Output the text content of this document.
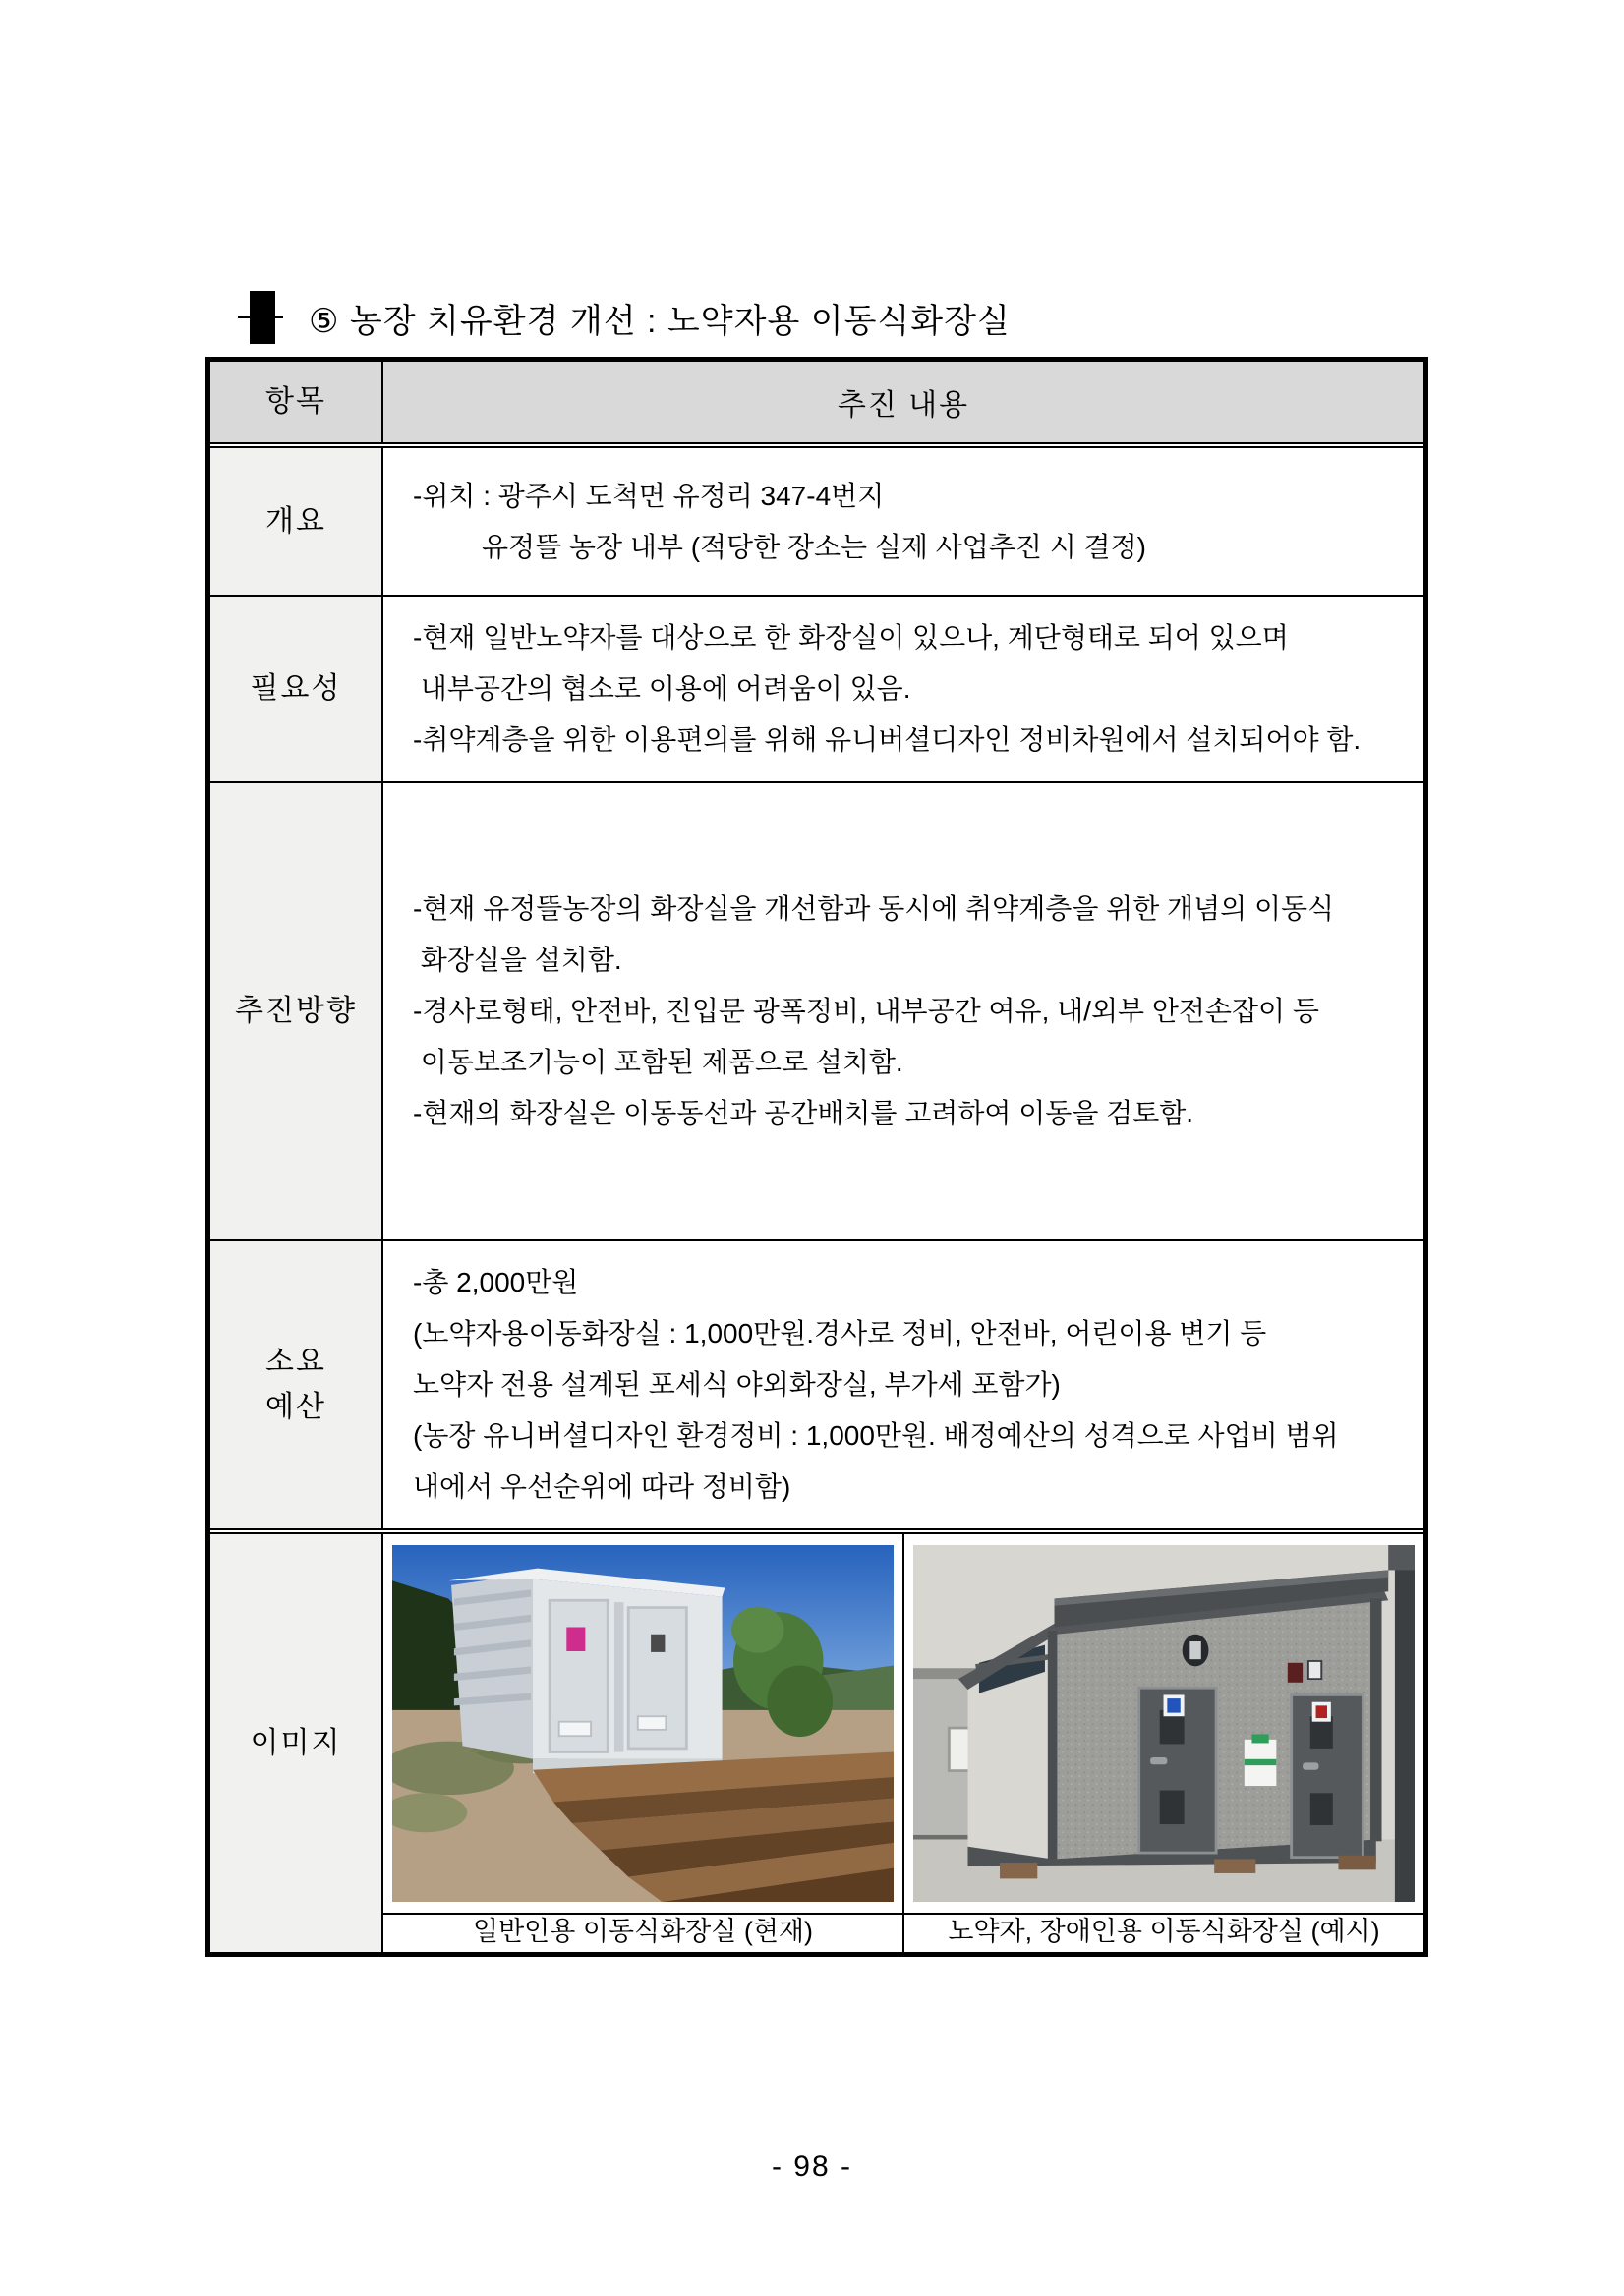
⑤ 농장 치유환경 개선 : 노약자용 이동식화장실
항목	추진 내용
개요
-위치 : 광주시 도척면 유정리 347-4번지
유정뜰 농장 내부 (적당한 장소는 실제 사업추진 시 결정)
필요성
-현재 일반노약자를 대상으로 한 화장실이 있으나, 계단형태로 되어 있으며
내부공간의 협소로 이용에 어려움이 있음.
-취약계층을 위한 이용편의를 위해 유니버셜디자인 정비차원에서 설치되어야 함.
추진방향
-현재 유정뜰농장의 화장실을 개선함과 동시에 취약계층을 위한 개념의 이동식
화장실을 설치함.
-경사로형태, 안전바, 진입문 광폭정비, 내부공간 여유, 내/외부 안전손잡이 등
이동보조기능이 포함된 제품으로 설치함.
-현재의 화장실은 이동동선과 공간배치를 고려하여 이동을 검토함.
소요
예산
-총 2,000만원
(노약자용이동화장실 : 1,000만원.경사로 정비, 안전바, 어린이용 변기 등
노약자 전용 설계된 포세식 야외화장실, 부가세 포함가)
(농장 유니버셜디자인 환경정비 : 1,000만원. 배정예산의 성격으로 사업비 범위
내에서 우선순위에 따라 정비함)
이미지
일반인용 이동식화장실 (현재)	노약자, 장애인용 이동식화장실 (예시)
- 98 -
